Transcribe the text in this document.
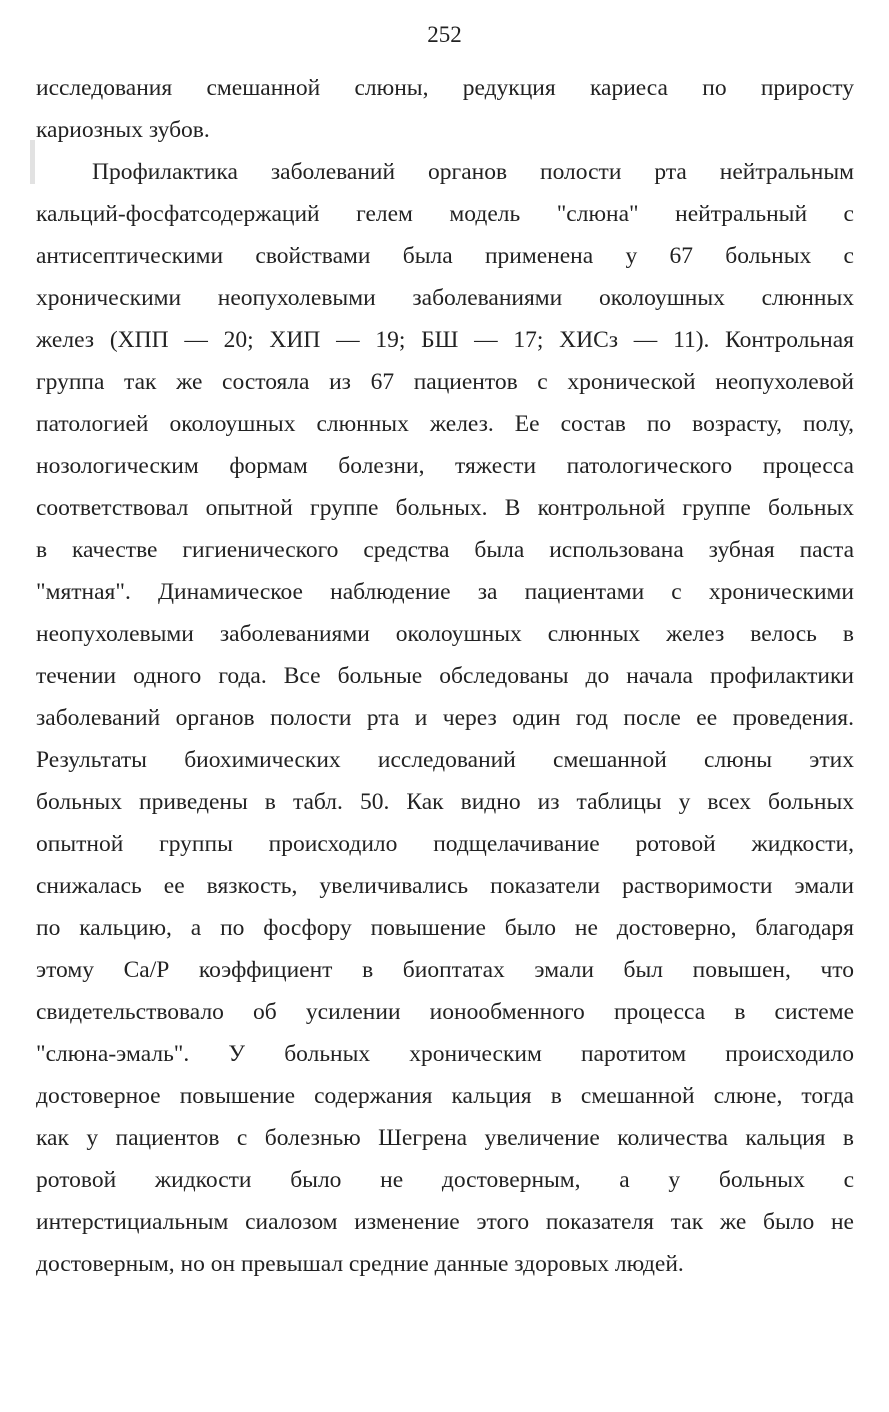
252
исследования смешанной слюны, редукция кариеса по приросту
кариозных зубов.
Профилактика заболеваний органов полости рта нейтральным
кальций-фосфатсодержаций гелем модель "слюна" нейтральный с
антисептическими свойствами была применена у 67 больных с
хроническими неопухолевыми заболеваниями околоушных слюнных
желез (ХПП — 20; ХИП — 19; БШ — 17; ХИСз — 11). Контрольная
группа так же состояла из 67 пациентов с хронической неопухолевой
патологией околоушных слюнных желез. Ее состав по возрасту, полу,
нозологическим формам болезни, тяжести патологического процесса
соответствовал опытной группе больных. В контрольной группе больных
в качестве гигиенического средства была использована зубная паста
"мятная". Динамическое наблюдение за пациентами с хроническими
неопухолевыми заболеваниями околоушных слюнных желез велось в
течении одного года. Все больные обследованы до начала профилактики
заболеваний органов полости рта и через один год после ее проведения.
Результаты биохимических исследований смешанной слюны этих
больных приведены в табл. 50. Как видно из таблицы у всех больных
опытной группы происходило подщелачивание ротовой жидкости,
снижалась ее вязкость, увеличивались показатели растворимости эмали
по кальцию, а по фосфору повышение было не достоверно, благодаря
этому Са/Р коэффициент в биоптатах эмали был повышен, что
свидетельствовало об усилении ионообменного процесса в системе
"слюна-эмаль". У больных хроническим паротитом происходило
достоверное повышение содержания кальция в смешанной слюне, тогда
как у пациентов с болезнью Шегрена увеличение количества кальция в
ротовой жидкости было не достоверным, а у больных с
интерстициальным сиалозом изменение этого показателя так же было не
достоверным, но он превышал средние данные здоровых людей.
